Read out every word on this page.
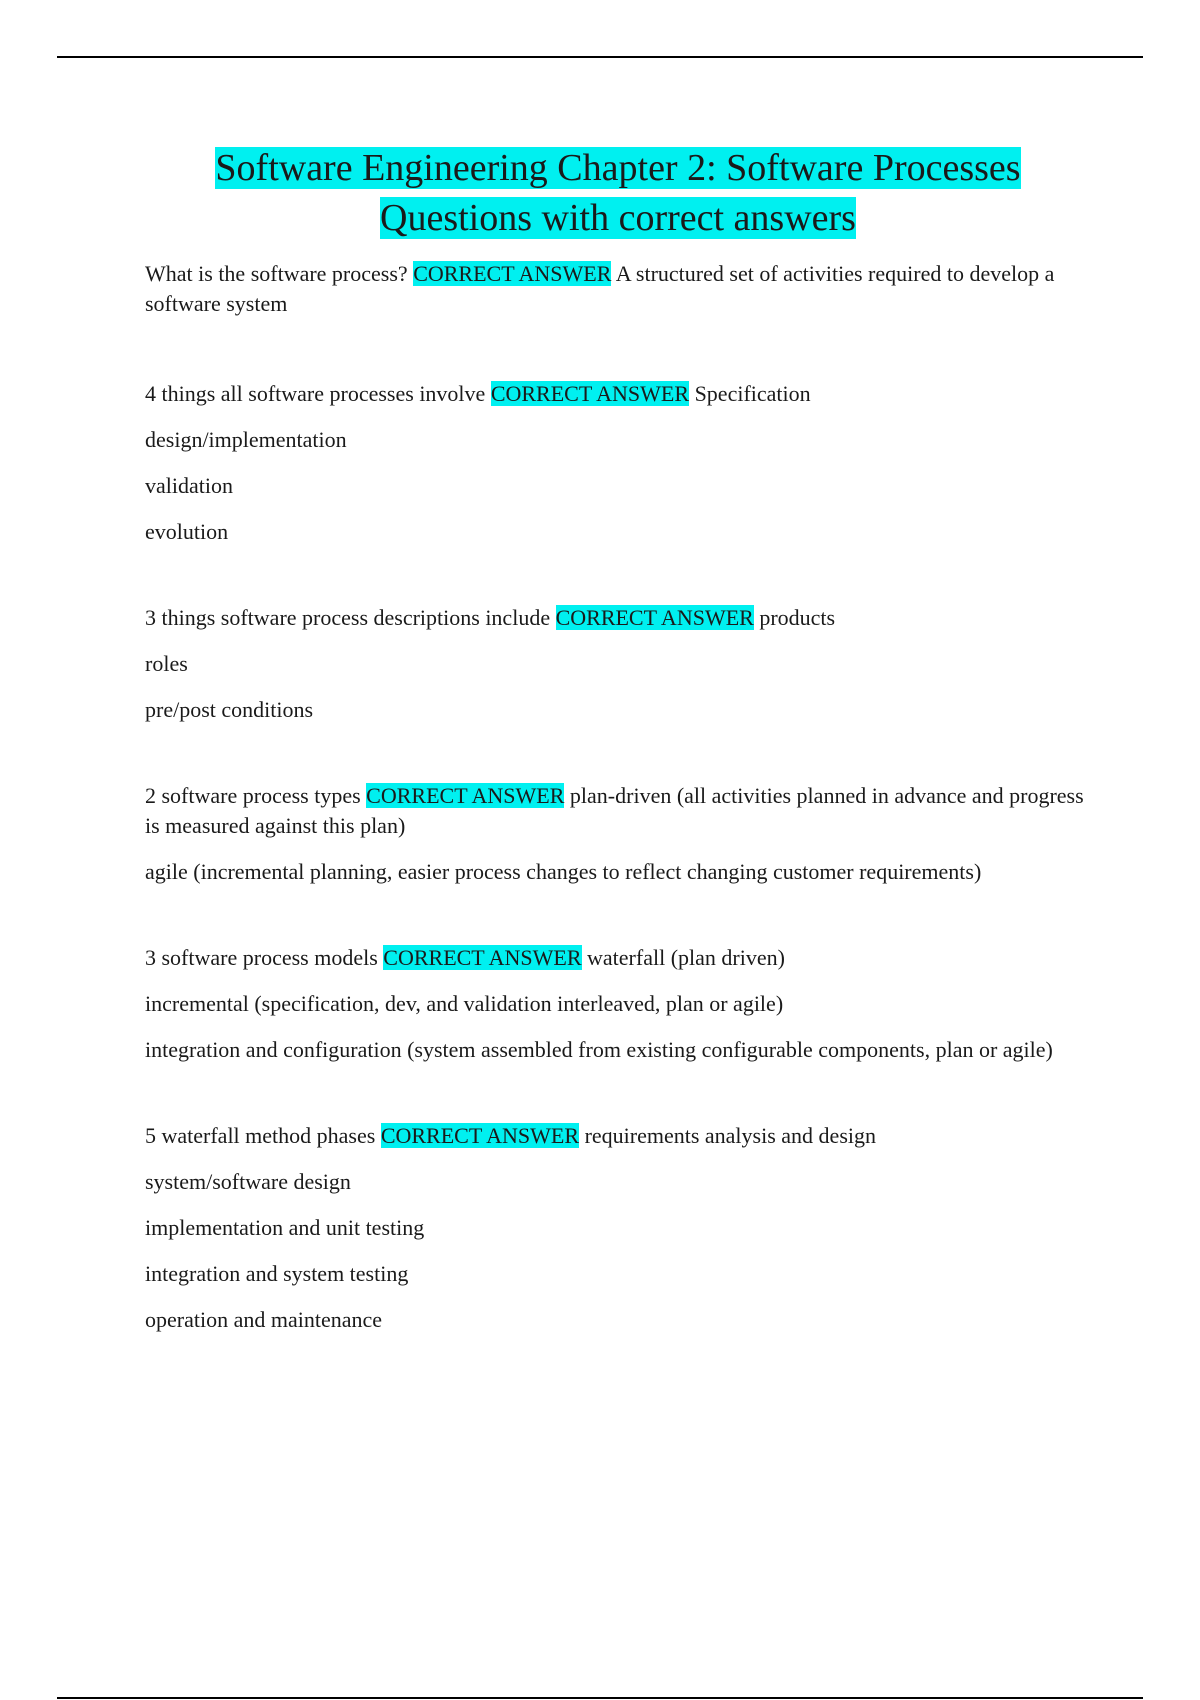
Software Engineering Chapter 2: Software Processes
Questions with correct answers

What is the software process? CORRECT ANSWER A structured set of activities required to develop a software system

4 things all software processes involve CORRECT ANSWER Specification

design/implementation

validation

evolution

3 things software process descriptions include CORRECT ANSWER products

roles

pre/post conditions

2 software process types CORRECT ANSWER plan-driven (all activities planned in advance and progress is measured against this plan)

agile (incremental planning, easier process changes to reflect changing customer requirements)

3 software process models CORRECT ANSWER waterfall (plan driven)

incremental (specification, dev, and validation interleaved, plan or agile)

integration and configuration (system assembled from existing configurable components, plan or agile)

5 waterfall method phases CORRECT ANSWER requirements analysis and design

system/software design

implementation and unit testing

integration and system testing

operation and maintenance
